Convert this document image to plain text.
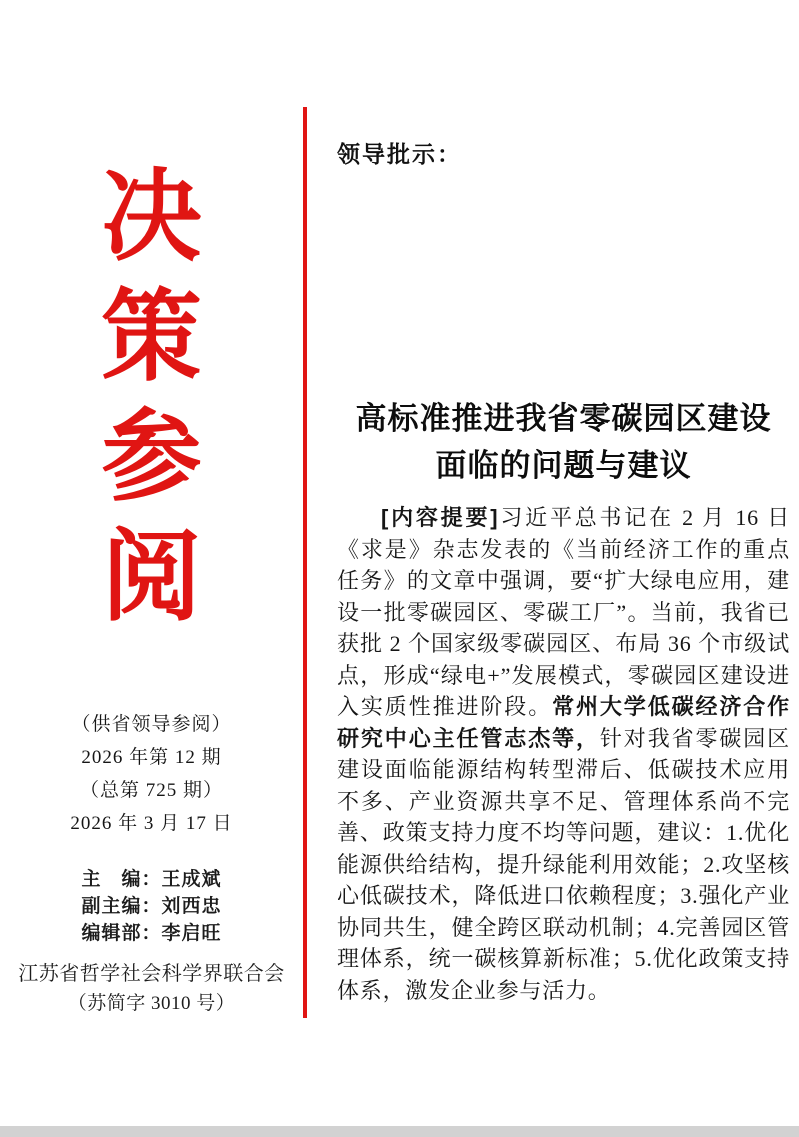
决
策
参
阅
（供省领导参阅）
2026 年第 12 期
（总第 725 期）
2026 年 3 月 17 日
主　编：王成斌
副主编：刘西忠
编辑部：李启旺
江苏省哲学社会科学界联合会
（苏简字 3010 号）
领导批示：
高标准推进我省零碳园区建设
面临的问题与建议

[内容提要]习近平总书记在 2 月 16 日《求是》杂志发表的《当前经济工作的重点任务》的文章中强调，要“扩大绿电应用，建设一批零碳园区、零碳工厂”。当前，我省已获批 2 个国家级零碳园区、布局 36 个市级试点，形成“绿电+”发展模式，零碳园区建设进入实质性推进阶段。常州大学低碳经济合作研究中心主任管志杰等，针对我省零碳园区建设面临能源结构转型滞后、低碳技术应用不多、产业资源共享不足、管理体系尚不完善、政策支持力度不均等问题，建议：1.优化能源供给结构，提升绿能利用效能；2.攻坚核心低碳技术，降低进口依赖程度；3.强化产业协同共生，健全跨区联动机制；4.完善园区管理体系，统一碳核算新标准；5.优化政策支持体系，激发企业参与活力。
